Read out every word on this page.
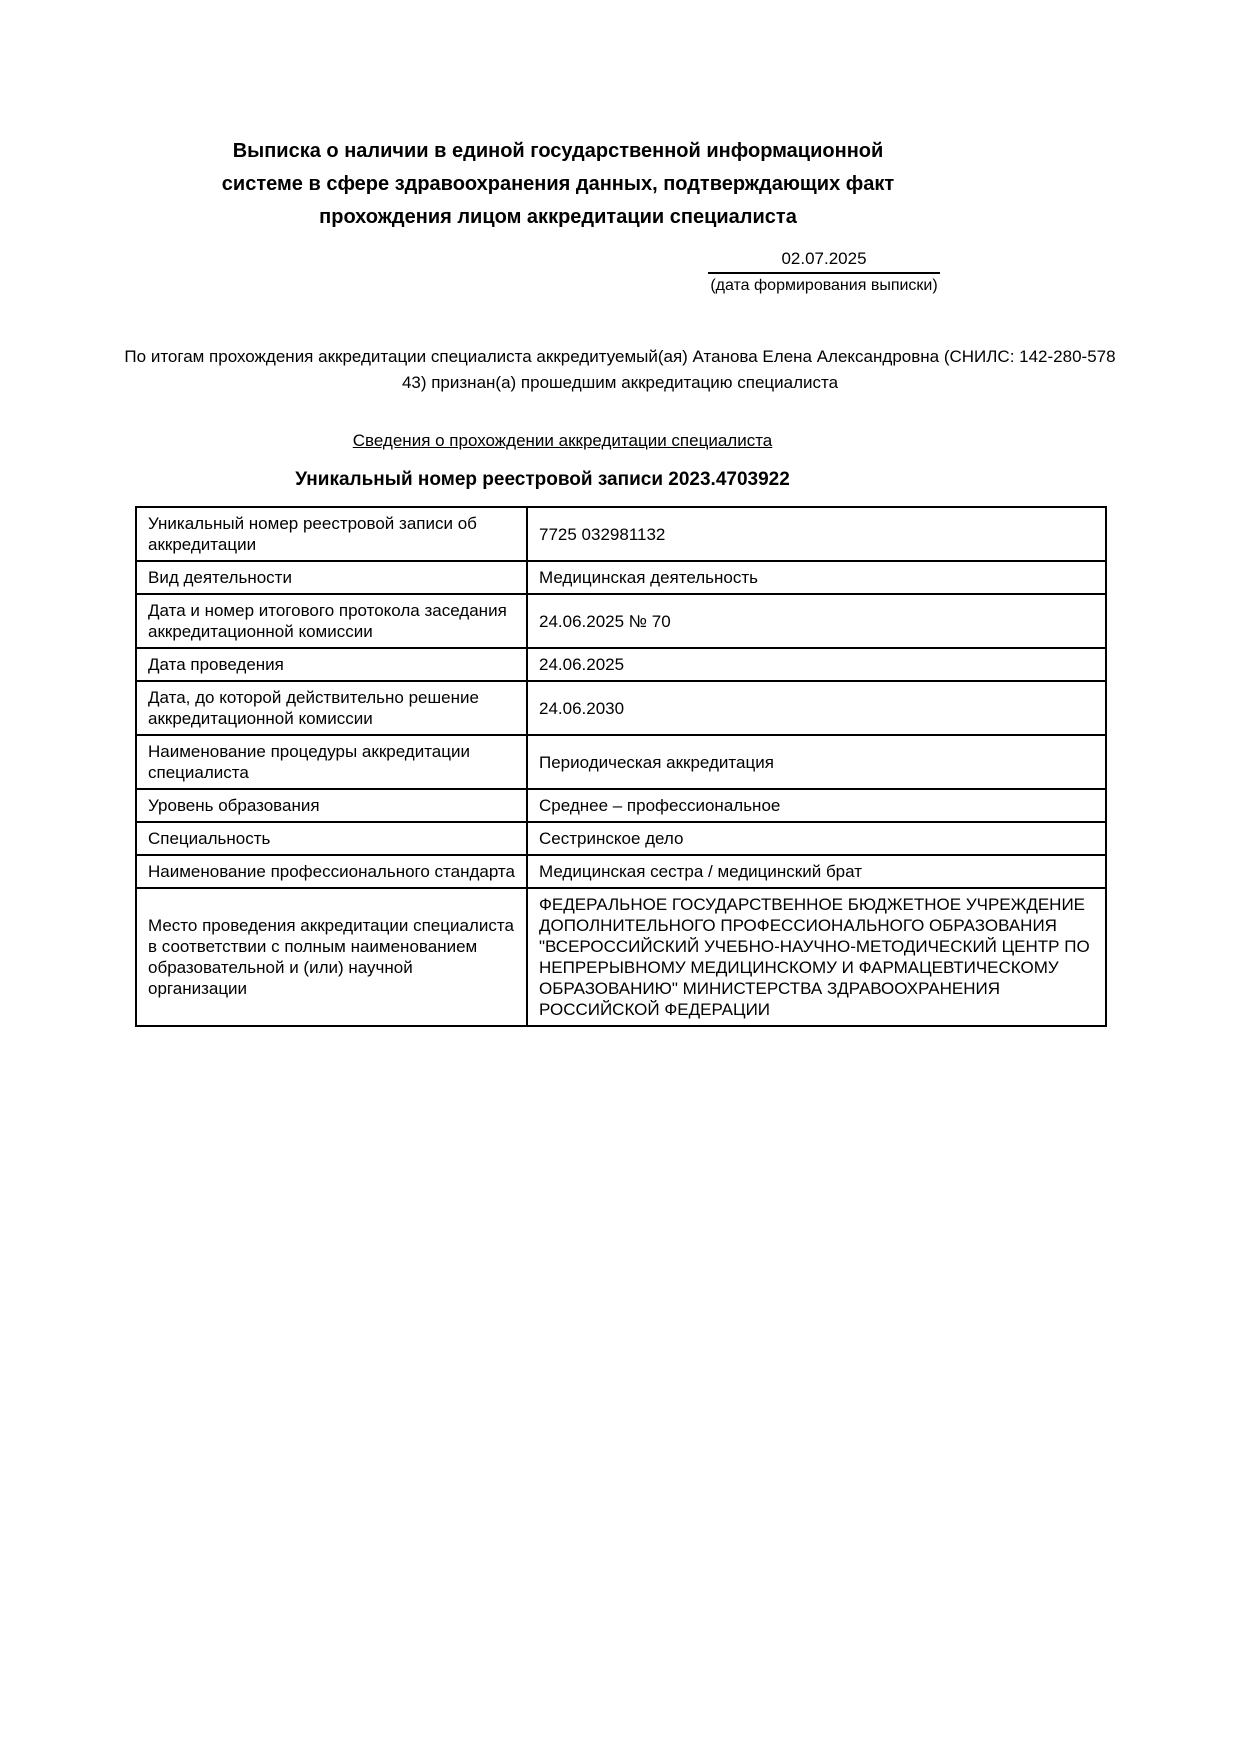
Выписка о наличии в единой государственной информационной
системе в сфере здравоохранения данных, подтверждающих факт
прохождения лицом аккредитации специалиста
02.07.2025
(дата формирования выписки)

По итогам прохождения аккредитации специалиста аккредитуемый(ая) Атанова Елена Александровна (СНИЛС: 142-280-578 43) признан(а) прошедшим аккредитацию специалиста

Сведения о прохождении аккредитации специалиста
Уникальный номер реестровой записи 2023.4703922
Уникальный номер реестровой записи об аккредитации	7725 032981132
Вид деятельности	Медицинская деятельность
Дата и номер итогового протокола заседания аккредитационной комиссии	24.06.2025 № 70
Дата проведения	24.06.2025
Дата, до которой действительно решение аккредитационной комиссии	24.06.2030
Наименование процедуры аккредитации специалиста	Периодическая аккредитация
Уровень образования	Среднее – профессиональное
Специальность	Сестринское дело
Наименование профессионального стандарта	Медицинская сестра / медицинский брат
Место проведения аккредитации специалиста в соответствии с полным наименованием образовательной и (или) научной организации	ФЕДЕРАЛЬНОЕ ГОСУДАРСТВЕННОЕ БЮДЖЕТНОЕ УЧРЕЖДЕНИЕ ДОПОЛНИТЕЛЬНОГО ПРОФЕССИОНАЛЬНОГО ОБРАЗОВАНИЯ "ВСЕРОССИЙСКИЙ УЧЕБНО-НАУЧНО-МЕТОДИЧЕСКИЙ ЦЕНТР ПО НЕПРЕРЫВНОМУ МЕДИЦИНСКОМУ И ФАРМАЦЕВТИЧЕСКОМУ ОБРАЗОВАНИЮ" МИНИСТЕРСТВА ЗДРАВООХРАНЕНИЯ РОССИЙСКОЙ ФЕДЕРАЦИИ
